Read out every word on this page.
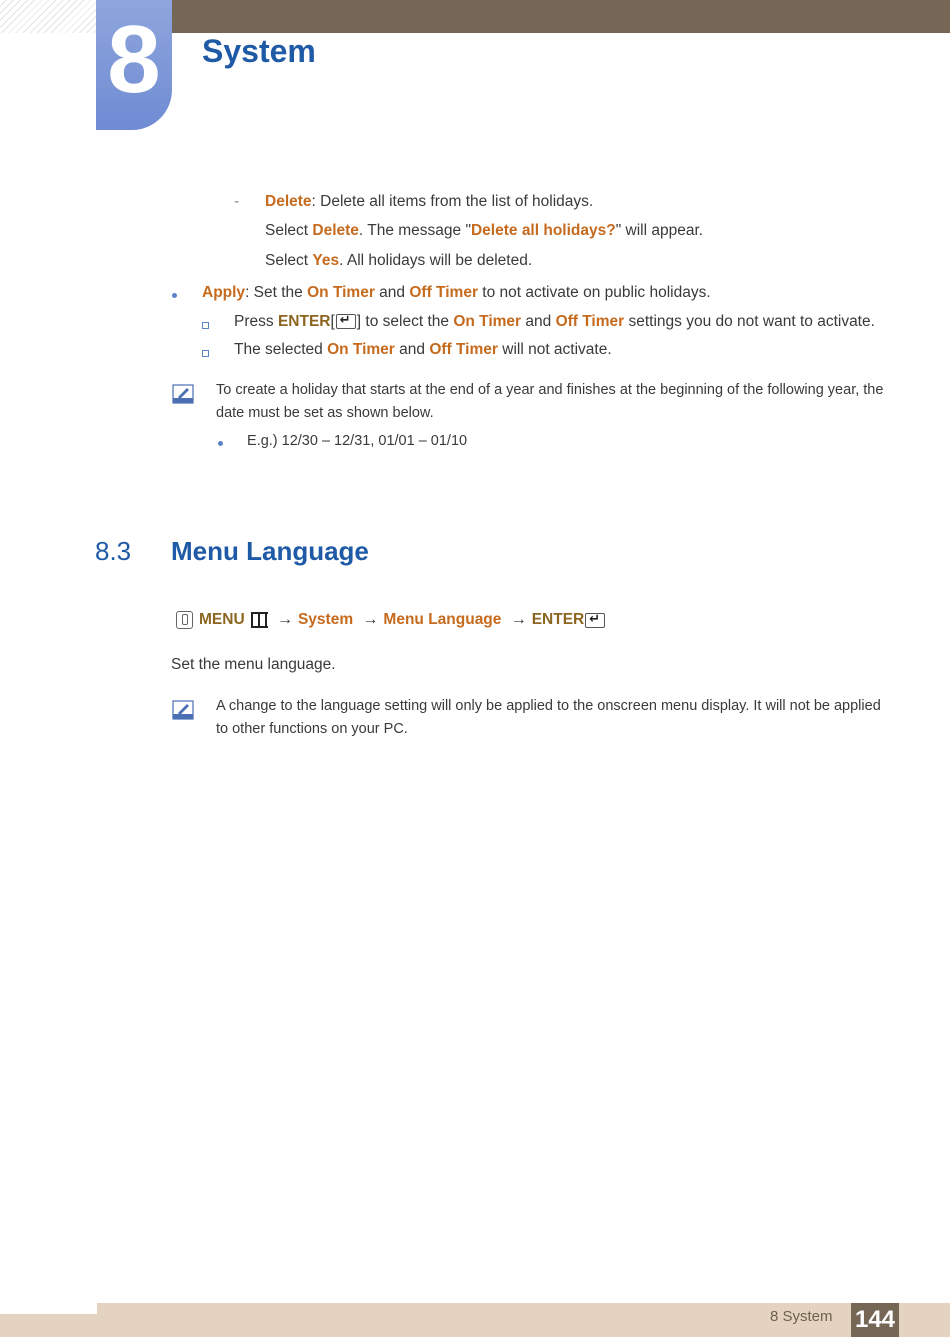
8	System
- Delete: Delete all items from the list of holidays.
Select Delete. The message "Delete all holidays?" will appear.
Select Yes. All holidays will be deleted.
Apply: Set the On Timer and Off Timer to not activate on public holidays.
Press ENTER[↵ ] to select the On Timer and Off Timer settings you do not want to activate.
The selected On Timer and Off Timer will not activate.
To create a holiday that starts at the end of a year and finishes at the beginning of the following year, the date must be set as shown below.
E.g.) 12/30 – 12/31, 01/01 – 01/10
8.3 Menu Language
MENU → System → Menu Language → ENTER↵
Set the menu language.
A change to the language setting will only be applied to the onscreen menu display. It will not be applied to other functions on your PC.
8 System 144
